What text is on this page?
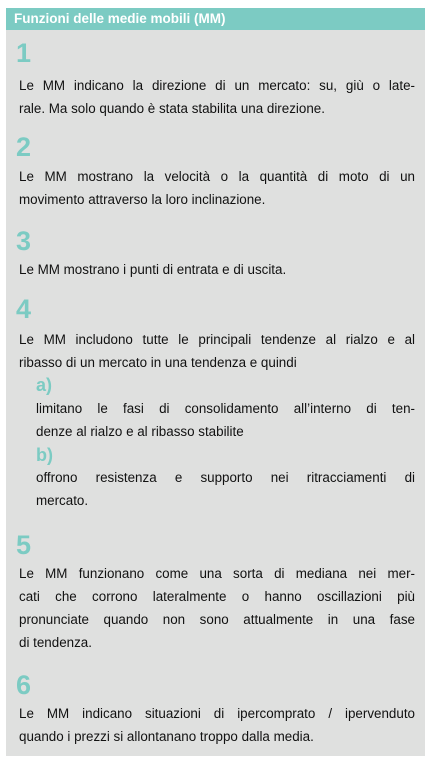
Funzioni delle medie mobili (MM)
1
Le MM indicano la direzione di un mercato: su, giù o late-
rale. Ma solo quando è stata stabilita una direzione.
2
Le MM mostrano la velocità o la quantità di moto di un
movimento attraverso la loro inclinazione.
3
Le MM mostrano i punti di entrata e di uscita.
4
Le MM includono tutte le principali tendenze al rialzo e al
ribasso di un mercato in una tendenza e quindi
a)
limitano le fasi di consolidamento all’interno di ten-
denze al rialzo e al ribasso stabilite
b)
offrono resistenza e supporto nei ritracciamenti di
mercato.
5
Le MM funzionano come una sorta di mediana nei mer-
cati che corrono lateralmente o hanno oscillazioni più
pronunciate quando non sono attualmente in una fase
di tendenza.
6
Le MM indicano situazioni di ipercomprato / ipervenduto
quando i prezzi si allontanano troppo dalla media.
